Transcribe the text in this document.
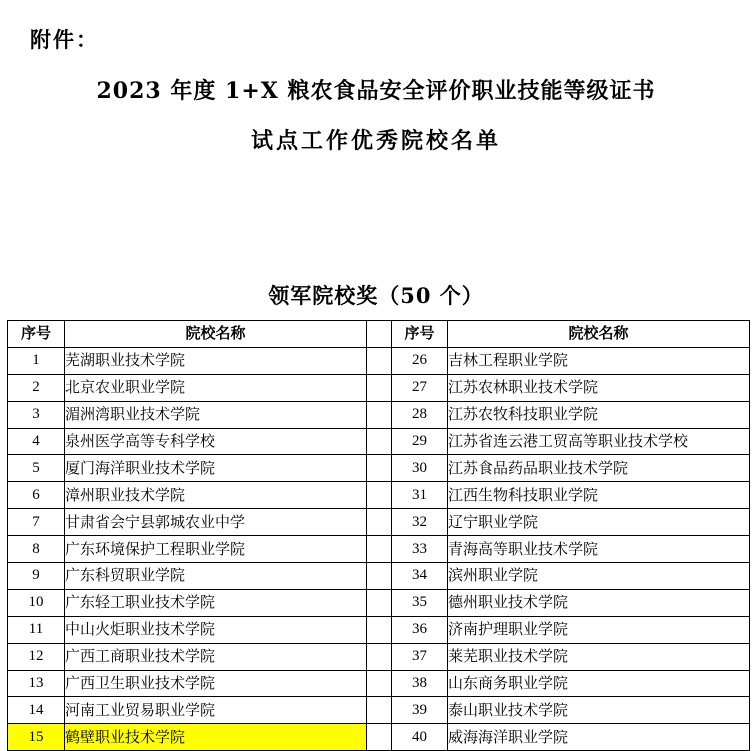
附件：
2023 年度 1+X 粮农食品安全评价职业技能等级证书
试点工作优秀院校名单
领军院校奖（50 个）
序号	院校名称		序号	院校名称
1	芜湖职业技术学院		26	吉林工程职业学院
2	北京农业职业学院		27	江苏农林职业技术学院
3	湄洲湾职业技术学院		28	江苏农牧科技职业学院
4	泉州医学高等专科学校		29	江苏省连云港工贸高等职业技术学校
5	厦门海洋职业技术学院		30	江苏食品药品职业技术学院
6	漳州职业技术学院		31	江西生物科技职业学院
7	甘肃省会宁县郭城农业中学		32	辽宁职业学院
8	广东环境保护工程职业学院		33	青海高等职业技术学院
9	广东科贸职业学院		34	滨州职业学院
10	广东轻工职业技术学院		35	德州职业技术学院
11	中山火炬职业技术学院		36	济南护理职业学院
12	广西工商职业技术学院		37	莱芜职业技术学院
13	广西卫生职业技术学院		38	山东商务职业学院
14	河南工业贸易职业学院		39	泰山职业技术学院
15	鹤壁职业技术学院		40	威海海洋职业学院
